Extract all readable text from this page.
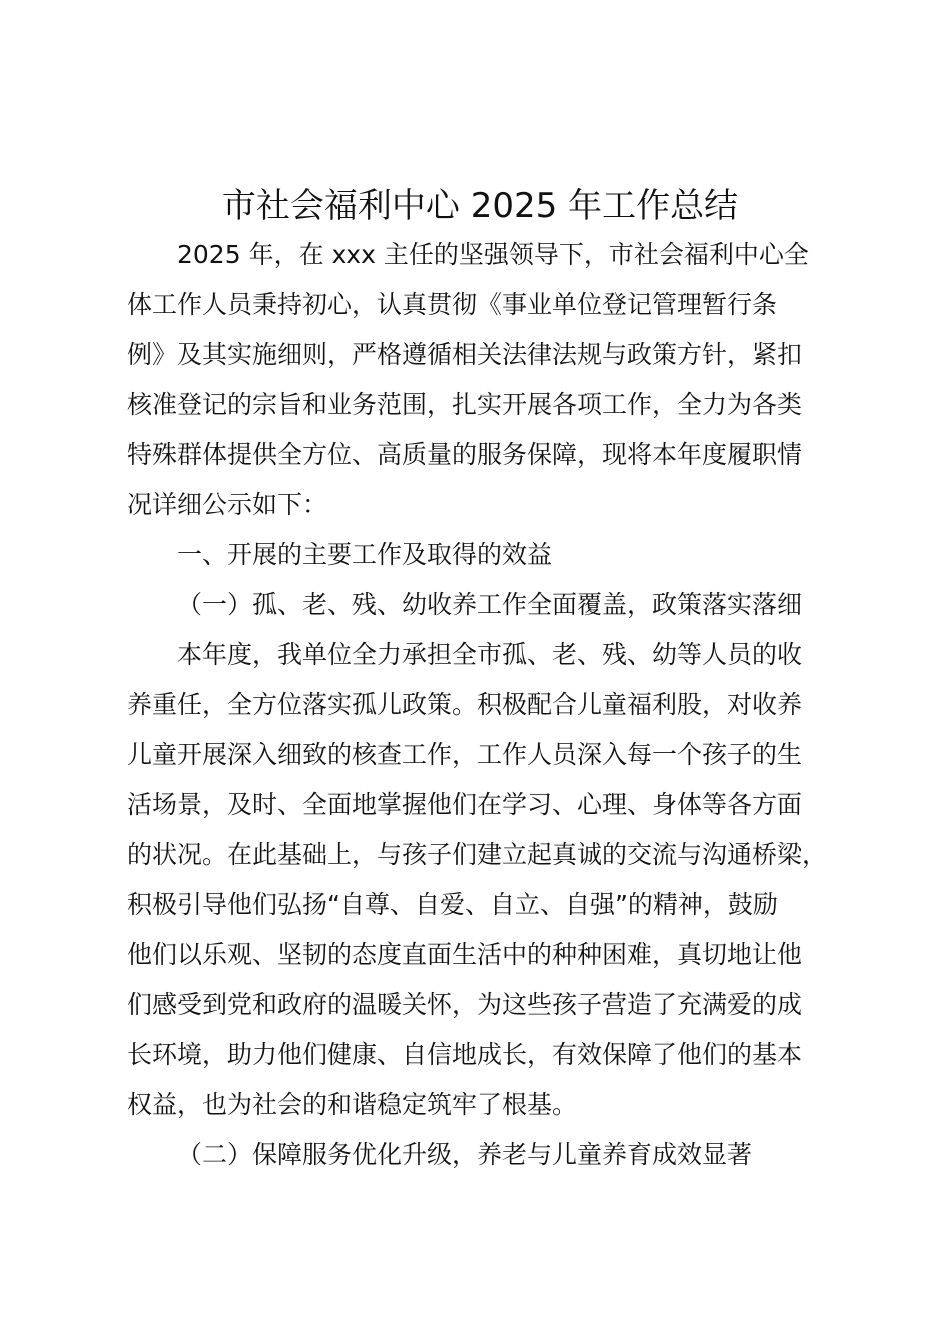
市社会福利中心 2025 年工作总结
2025 年，在 xxx 主任的坚强领导下，市社会福利中心全
体工作人员秉持初心，认真贯彻《事业单位登记管理暂行条
例》及其实施细则，严格遵循相关法律法规与政策方针，紧扣
核准登记的宗旨和业务范围，扎实开展各项工作，全力为各类
特殊群体提供全方位、高质量的服务保障，现将本年度履职情
况详细公示如下：
一、开展的主要工作及取得的效益
（一）孤、老、残、幼收养工作全面覆盖，政策落实落细
本年度，我单位全力承担全市孤、老、残、幼等人员的收
养重任，全方位落实孤儿政策。积极配合儿童福利股，对收养
儿童开展深入细致的核查工作，工作人员深入每一个孩子的生
活场景，及时、全面地掌握他们在学习、心理、身体等各方面
的状况。在此基础上，与孩子们建立起真诚的交流与沟通桥梁，
积极引导他们弘扬“自尊、自爱、自立、自强”的精神，鼓励
他们以乐观、坚韧的态度直面生活中的种种困难，真切地让他
们感受到党和政府的温暖关怀，为这些孩子营造了充满爱的成
长环境，助力他们健康、自信地成长，有效保障了他们的基本
权益，也为社会的和谐稳定筑牢了根基。
（二）保障服务优化升级，养老与儿童养育成效显著
